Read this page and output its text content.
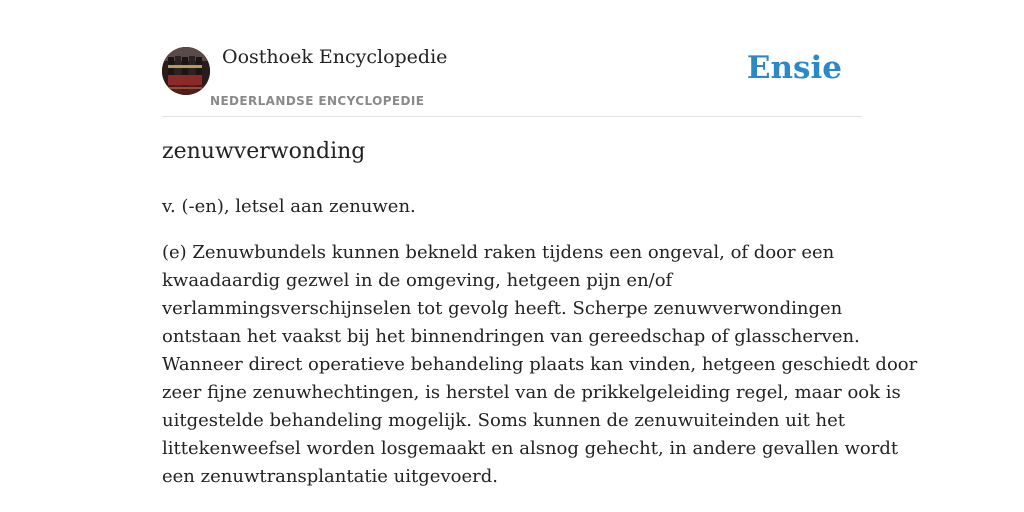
Oosthoek Encyclopedie
NEDERLANDSE ENCYCLOPEDIE
Ensie
zenuwverwonding

v. (-en), letsel aan zenuwen.

(e) Zenuwbundels kunnen bekneld raken tijdens een ongeval, of door een
kwaadaardig gezwel in de omgeving, hetgeen pijn en/of
verlammingsverschijnselen tot gevolg heeft. Scherpe zenuwverwondingen
ontstaan het vaakst bij het binnendringen van gereedschap of glasscherven.
Wanneer direct operatieve behandeling plaats kan vinden, hetgeen geschiedt door
zeer fijne zenuwhechtingen, is herstel van de prikkelgeleiding regel, maar ook is
uitgestelde behandeling mogelijk. Soms kunnen de zenuwuiteinden uit het
littekenweefsel worden losgemaakt en alsnog gehecht, in andere gevallen wordt
een zenuwtransplantatie uitgevoerd.
